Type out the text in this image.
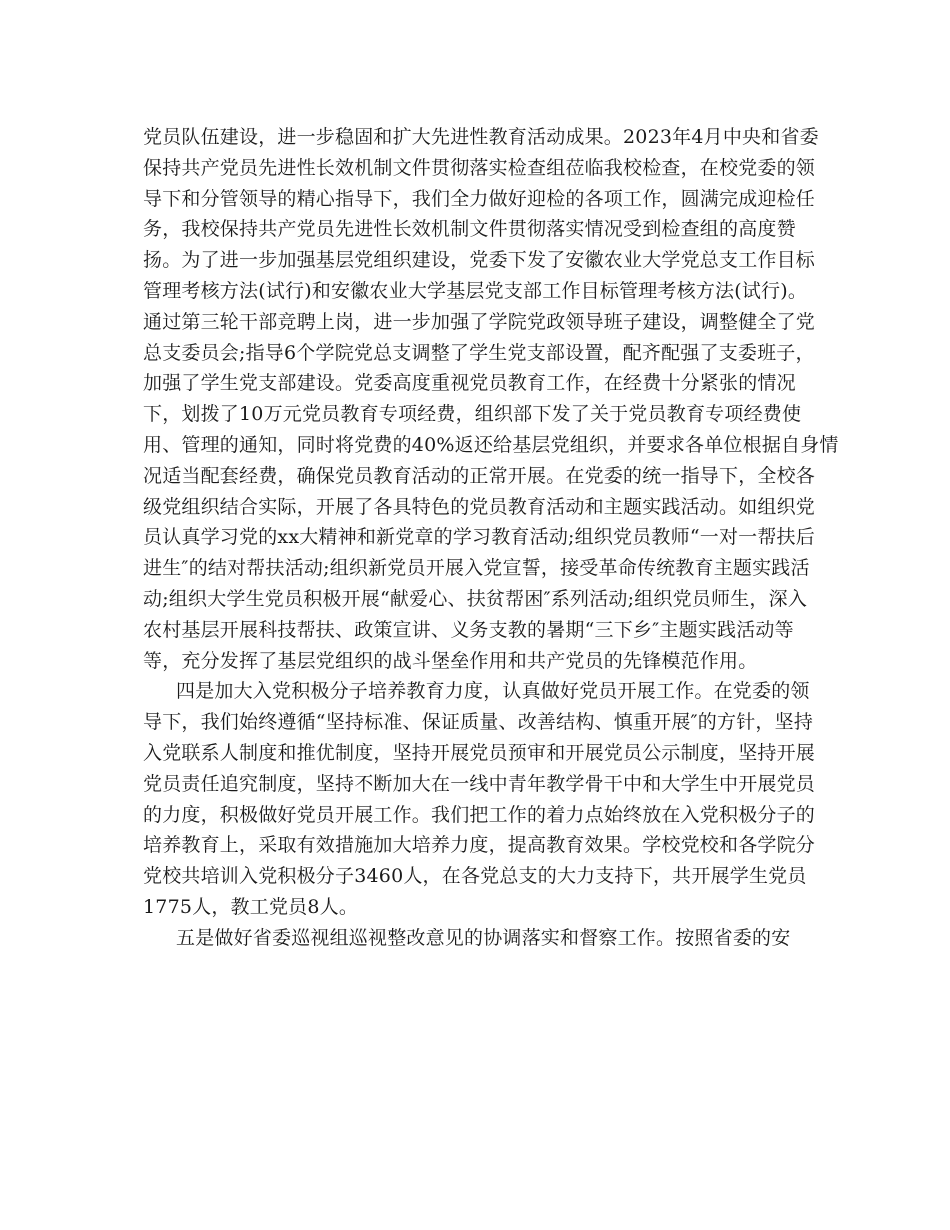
党员队伍建设，进一步稳固和扩大先进性教育活动成果。2023年4月中央和省委
保持共产党员先进性长效机制文件贯彻落实检查组莅临我校检查，在校党委的领
导下和分管领导的精心指导下，我们全力做好迎检的各项工作，圆满完成迎检任
务，我校保持共产党员先进性长效机制文件贯彻落实情况受到检查组的高度赞
扬。为了进一步加强基层党组织建设，党委下发了安徽农业大学党总支工作目标
管理考核方法(试行)和安徽农业大学基层党支部工作目标管理考核方法(试行)。
通过第三轮干部竞聘上岗，进一步加强了学院党政领导班子建设，调整健全了党
总支委员会;指导6个学院党总支调整了学生党支部设置，配齐配强了支委班子，
加强了学生党支部建设。党委高度重视党员教育工作，在经费十分紧张的情况
下，划拨了10万元党员教育专项经费，组织部下发了关于党员教育专项经费使
用、管理的通知，同时将党费的40%返还给基层党组织，并要求各单位根据自身情
况适当配套经费，确保党员教育活动的正常开展。在党委的统一指导下，全校各
级党组织结合实际，开展了各具特色的党员教育活动和主题实践活动。如组织党
员认真学习党的xx大精神和新党章的学习教育活动;组织党员教师“一对一帮扶后
进生″的结对帮扶活动;组织新党员开展入党宣誓，接受革命传统教育主题实践活
动;组织大学生党员积极开展“献爱心、扶贫帮困″系列活动;组织党员师生，深入
农村基层开展科技帮扶、政策宣讲、义务支教的暑期“三下乡″主题实践活动等
等，充分发挥了基层党组织的战斗堡垒作用和共产党员的先锋模范作用。
四是加大入党积极分子培养教育力度，认真做好党员开展工作。在党委的领
导下，我们始终遵循“坚持标准、保证质量、改善结构、慎重开展″的方针，坚持
入党联系人制度和推优制度，坚持开展党员预审和开展党员公示制度，坚持开展
党员责任追究制度，坚持不断加大在一线中青年教学骨干中和大学生中开展党员
的力度，积极做好党员开展工作。我们把工作的着力点始终放在入党积极分子的
培养教育上，采取有效措施加大培养力度，提高教育效果。学校党校和各学院分
党校共培训入党积极分子3460人，在各党总支的大力支持下，共开展学生党员
1775人，教工党员8人。
五是做好省委巡视组巡视整改意见的协调落实和督察工作。按照省委的安
